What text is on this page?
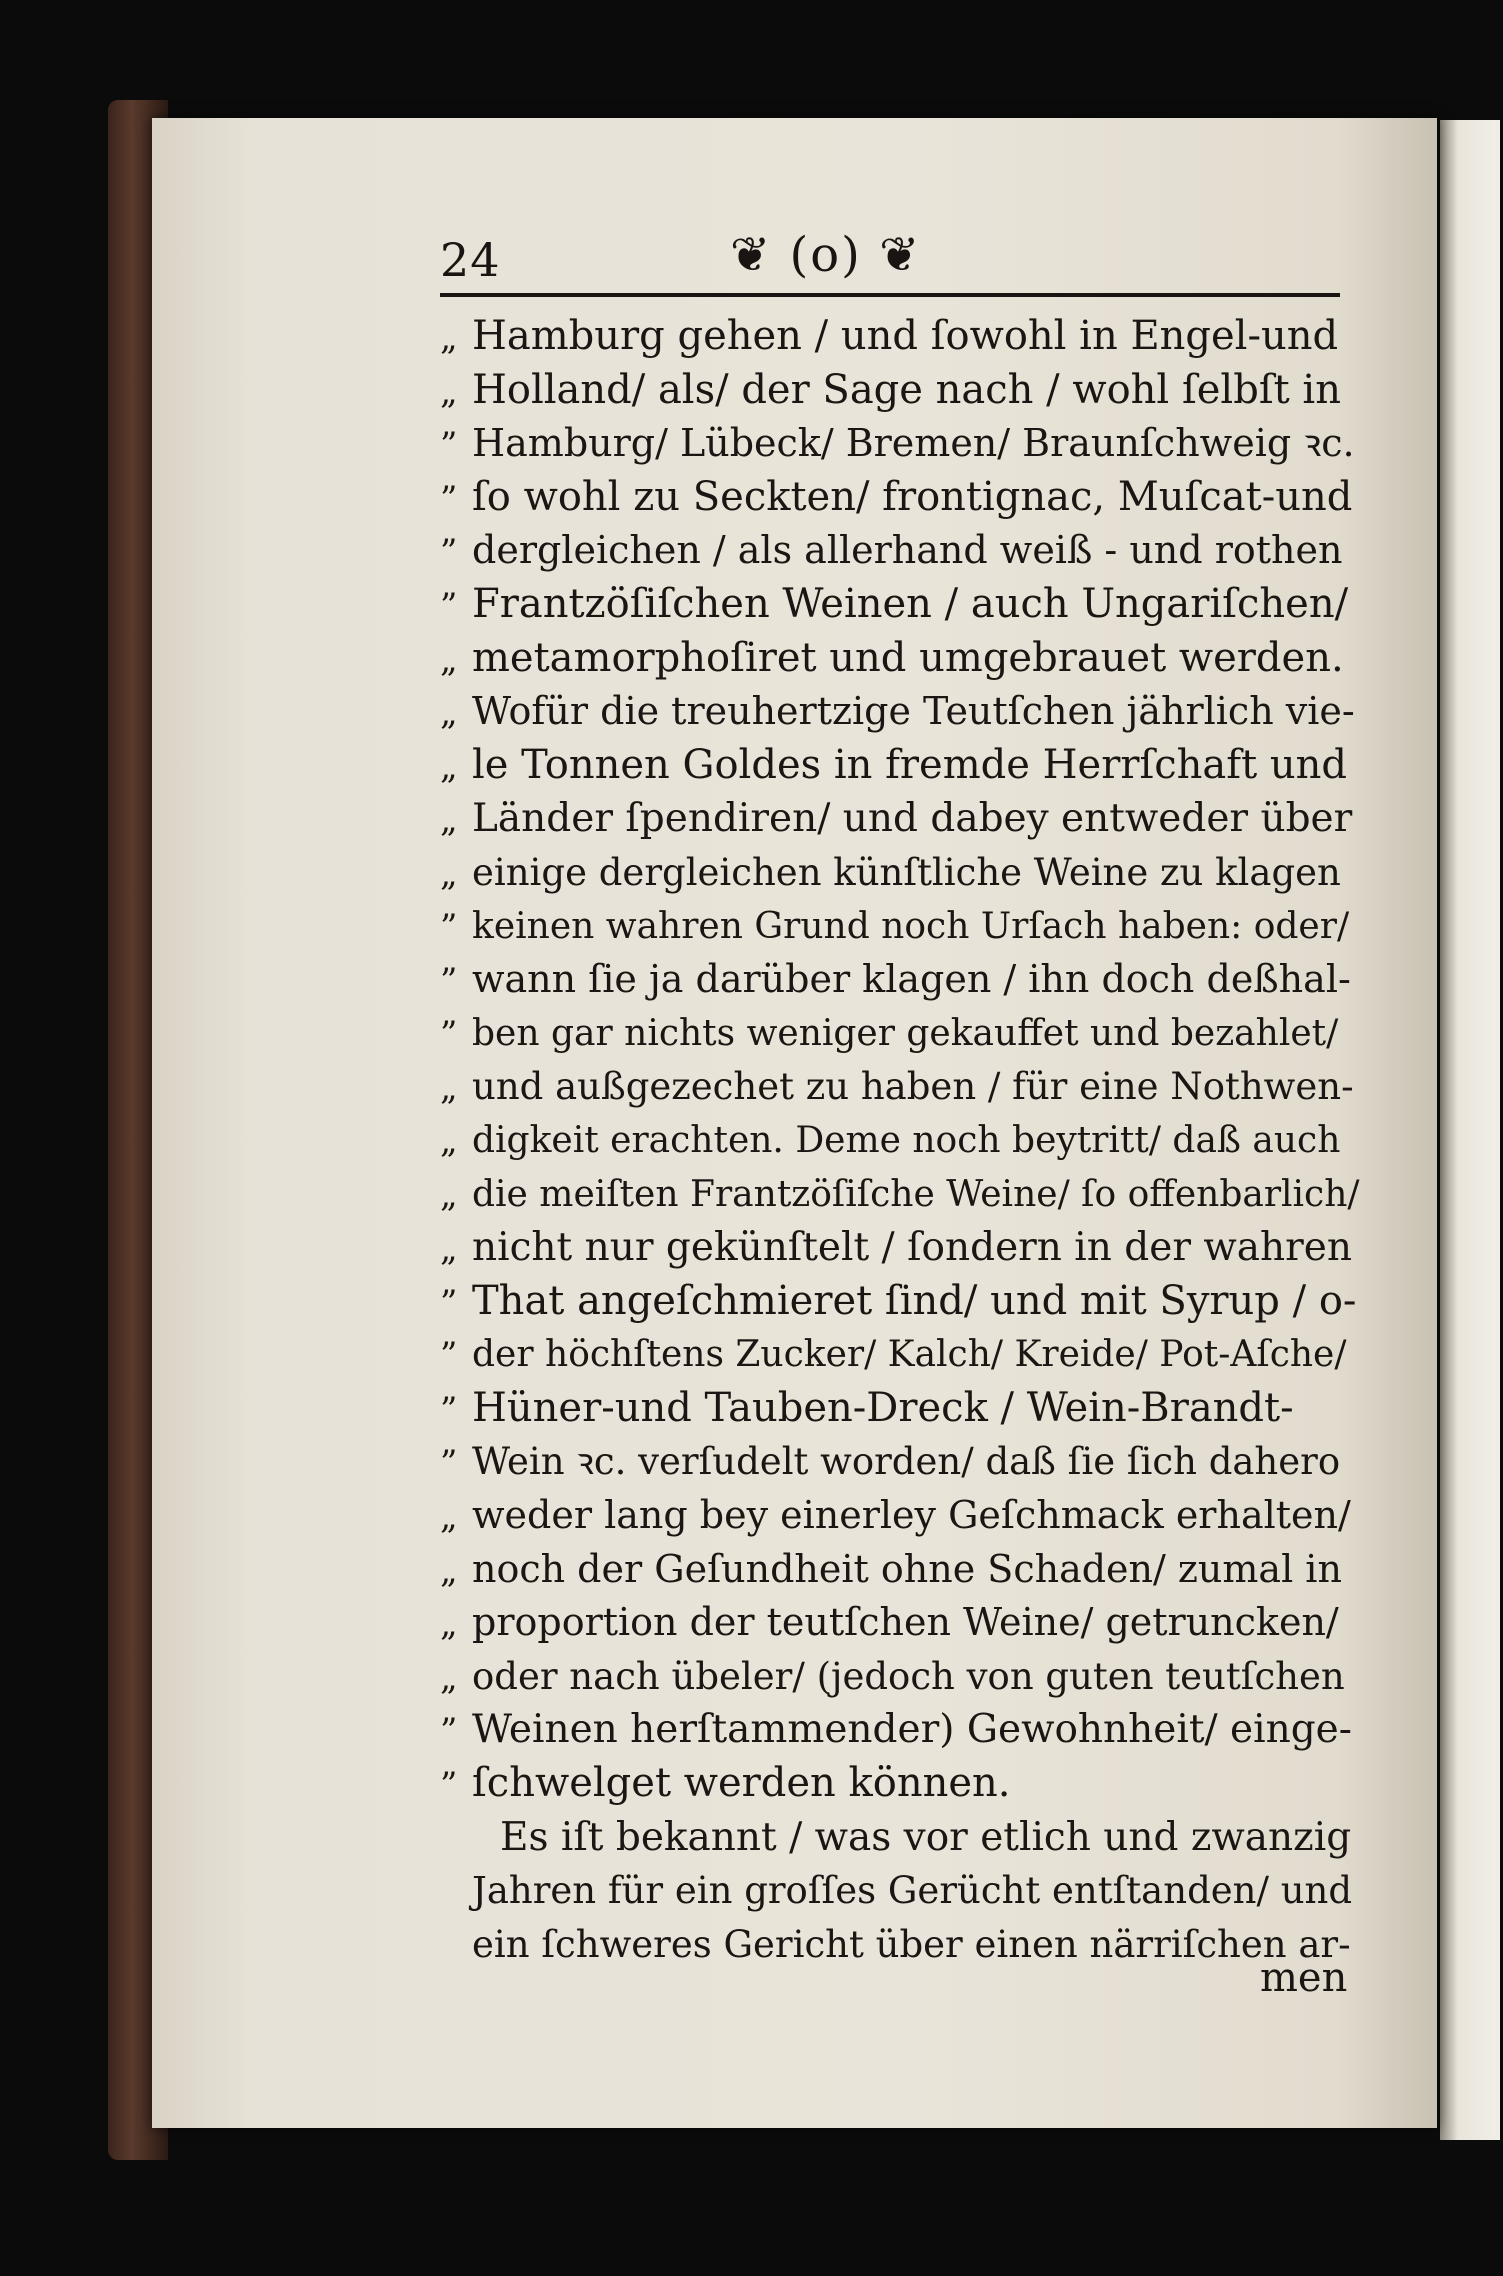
24	❦ (o) ❦
„ Hamburg gehen / und ſowohl in Engel-und
„ Holland/ als/ der Sage nach / wohl ſelbſt in
” Hamburg/ Lübeck/ Bremen/ Braunſchweig ꝛc.
” ſo wohl zu Seckten/ frontignac, Muſcat-und
” dergleichen / als allerhand weiß - und rothen
” Frantzöſiſchen Weinen / auch Ungariſchen/
„ metamorphoſiret und umgebrauet werden.
„ Wofür die treuhertzige Teutſchen jährlich vie-
„ le Tonnen Goldes in fremde Herrſchaft und
„ Länder ſpendiren/ und dabey entweder über
„ einige dergleichen künſtliche Weine zu klagen
” keinen wahren Grund noch Urſach haben: oder/
” wann ſie ja darüber klagen / ihn doch deßhal-
” ben gar nichts weniger gekauffet und bezahlet/
„ und außgezechet zu haben / für eine Nothwen-
„ digkeit erachten. Deme noch beytritt/ daß auch
„ die meiſten Frantzöſiſche Weine/ ſo offenbarlich/
„ nicht nur gekünſtelt / ſondern in der wahren
” That angeſchmieret ſind/ und mit Syrup / o-
” der höchſtens Zucker/ Kalch/ Kreide/ Pot-Aſche/
” Hüner-und Tauben-Dreck / Wein-Brandt-
” Wein ꝛc. verſudelt worden/ daß ſie ſich dahero
„ weder lang bey einerley Geſchmack erhalten/
„ noch der Geſundheit ohne Schaden/ zumal in
„ proportion der teutſchen Weine/ getruncken/
„ oder nach übeler/ (jedoch von guten teutſchen
” Weinen herſtammender) Gewohnheit/ einge-
” ſchwelget werden können.
Es iſt bekannt / was vor etlich und zwanzig
Jahren für ein groſſes Gerücht entſtanden/ und
ein ſchweres Gericht über einen närriſchen ar-
men
